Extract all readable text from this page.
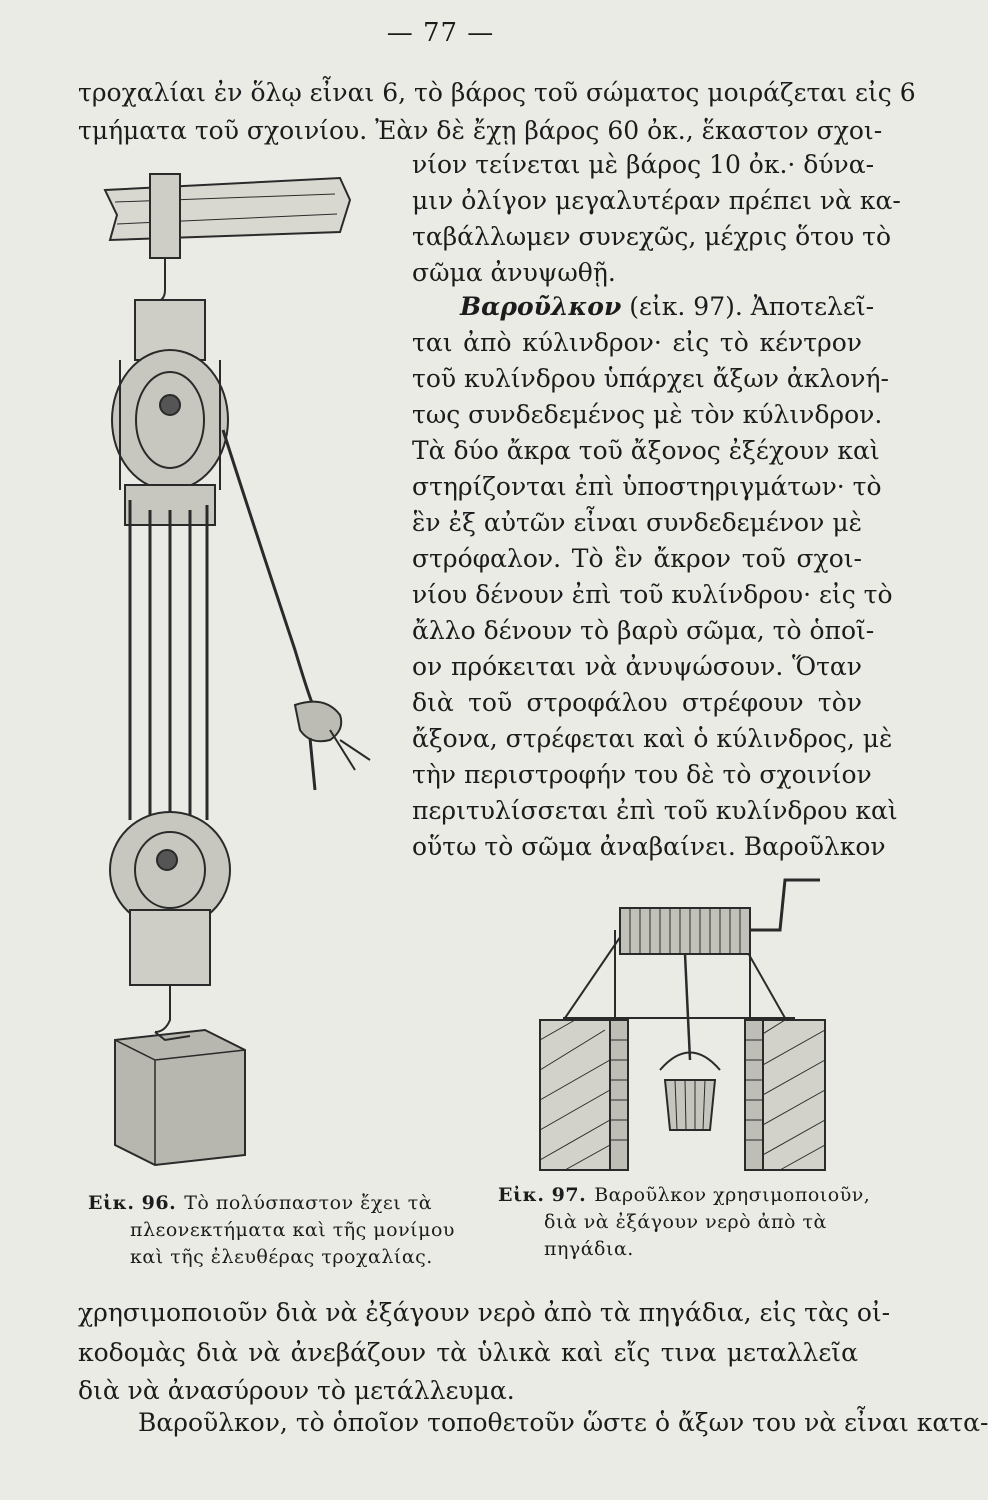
— 77 —
τροχαλίαι ἐν ὅλῳ εἶναι 6, τὸ βάρος τοῦ σώματος μοιράζεται εἰς 6
τμήματα τοῦ σχοινίου. Ἐὰν δὲ ἔχῃ βάρος 60 ὀκ., ἕκαστον σχοι-
νίον τείνεται μὲ βάρος 10 ὀκ.· δύνα-
μιν ὀλίγον μεγαλυτέραν πρέπει νὰ κα-
ταβάλλωμεν συνεχῶς, μέχρις ὅτου τὸ
σῶμα ἀνυψωθῇ.
Βαροῦλκον (εἰκ. 97). Ἀποτελεῖ-
ται ἀπὸ κύλινδρον· εἰς τὸ κέντρον
τοῦ κυλίνδρου ὑπάρχει ἄξων ἀκλονή-
τως συνδεδεμένος μὲ τὸν κύλινδρον.
Τὰ δύο ἄκρα τοῦ ἄξονος ἐξέχουν καὶ
στηρίζονται ἐπὶ ὑποστηριγμάτων· τὸ
ἓν ἐξ αὐτῶν εἶναι συνδεδεμένον μὲ
στρόφαλον. Τὸ ἓν ἄκρον τοῦ σχοι-
νίου δένουν ἐπὶ τοῦ κυλίνδρου· εἰς τὸ
ἄλλο δένουν τὸ βαρὺ σῶμα, τὸ ὁποῖ-
ον πρόκειται νὰ ἀνυψώσουν. Ὅταν
διὰ τοῦ στροφάλου στρέφουν τὸν
ἄξονα, στρέφεται καὶ ὁ κύλινδρος, μὲ
τὴν περιστροφήν του δὲ τὸ σχοινίον
περιτυλίσσεται ἐπὶ τοῦ κυλίνδρου καὶ
οὕτω τὸ σῶμα ἀναβαίνει. Βαροῦλκον
Εἰκ. 96. Τὸ πολύσπαστον ἔχει τὰ
πλεονεκτήματα καὶ τῆς μονίμου
καὶ τῆς ἐλευθέρας τροχαλίας.
Εἰκ. 97. Βαροῦλκον χρησιμοποιοῦν,
διὰ νὰ ἐξάγουν νερὸ ἀπὸ τὰ
πηγάδια.
χρησιμοποιοῦν διὰ νὰ ἐξάγουν νερὸ ἀπὸ τὰ πηγάδια, εἰς τὰς οἰ-
κοδομὰς διὰ νὰ ἀνεβάζουν τὰ ὑλικὰ καὶ εἴς τινα μεταλλεῖα
διὰ νὰ ἀνασύρουν τὸ μετάλλευμα.
Βαροῦλκον, τὸ ὁποῖον τοποθετοῦν ὥστε ὁ ἄξων του νὰ εἶναι κατα-
